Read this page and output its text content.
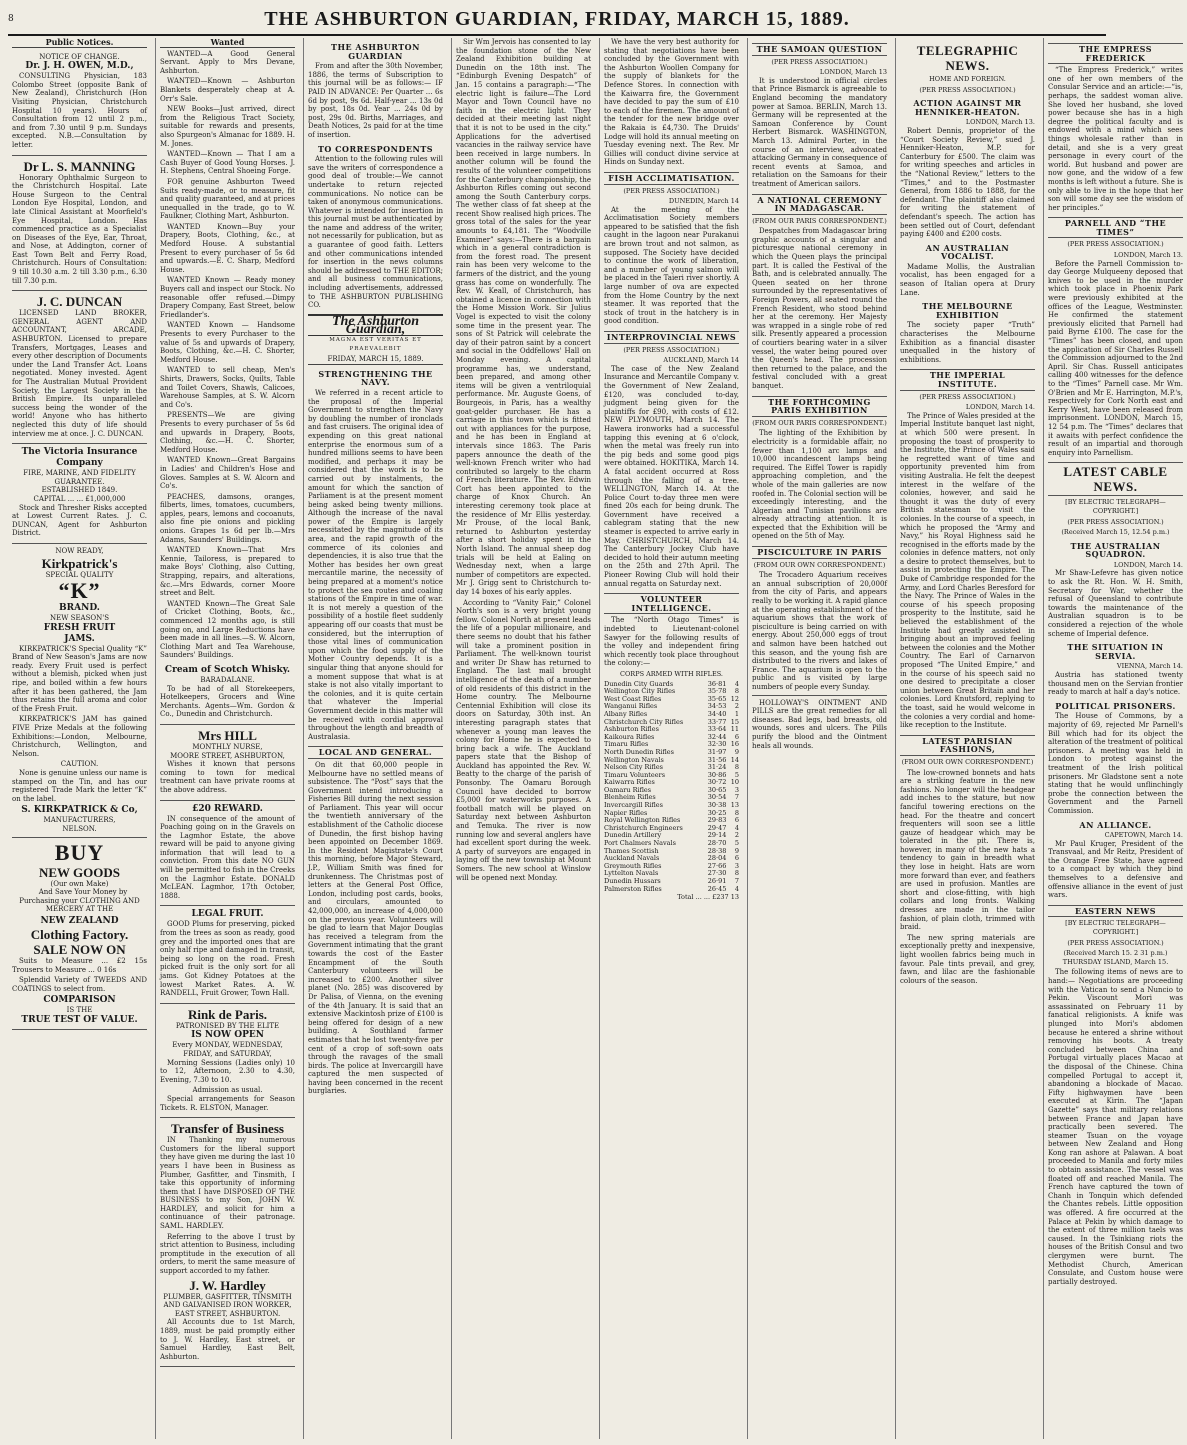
8	THE ASHBURTON GUARDIAN, FRIDAY, MARCH 15, 1889.
Public Notices.
NOTICE OF CHANGE.
Dr. J. H. OWEN, M.D.,

CONSULTING Physician, 183 Colombo Street (opposite Bank of New Zealand), Christchurch (Hon Visiting Physician, Christchurch Hospital 10 years). Hours of Consultation from 12 until 2 p.m., and from 7.30 until 9 p.m. Sundays excepted. N.B.—Consultation by letter.

Dr L. S. MANNING

Honorary Ophthalmic Surgeon to the Christchurch Hospital. Late House Surgeon to the Central London Eye Hospital, London, and late Clinical Assistant at Moorfield's Eye Hospital, London. Has commenced practice as a Specialist on Diseases of the Eye, Ear, Throat, and Nose, at Addington, corner of East Town Belt and Ferry Road, Christchurch. Hours of Consultation: 9 till 10.30 a.m. 2 till 3.30 p.m., 6.30 till 7.30 p.m.

J. C. DUNCAN

LICENSED LAND BROKER, GENERAL AGENT AND ACCOUNTANT, ARCADE, ASHBURTON. Licensed to prepare Transfers, Mortgages, Leases and every other description of Documents under the Land Transfer Act. Loans negotiated. Money invested. Agent for The Australian Mutual Provident Society, the Largest Society in the British Empire. Its unparalleled success being the wonder of the world! Anyone who has hitherto neglected this duty of life should interview me at once. J. C. DUNCAN.

The Victoria Insurance Company
FIRE, MARINE, AND FIDELITY GUARANTEE.
ESTABLISHED 1849.
CAPITAL ... ... £1,000,000

Stock and Thresher Risks accepted at Lowest Current Rates. J. C. DUNCAN, Agent for Ashburton District.

NOW READY,
Kirkpatrick's
SPECIAL QUALITY
“K”
BRAND.
NEW SEASON'S
FRESH FRUIT
JAMS.

KIRKPATRICK'S Special Quality “K” Brand of New Season's Jams are now ready. Every Fruit used is perfect without a blemish, picked when just ripe, and boiled within a few hours after it has been gathered, the Jam thus retains the full aroma and color of the Fresh Fruit.

KIRKPATRICK'S JAM has gained FIVE Prize Medals at the following Exhibitions:—London, Melbourne, Christchurch, Wellington, and Nelson.

CAUTION.

None is genuine unless our name is stamped on the Tin, and has our registered Trade Mark the letter “K” on the label.

S. KIRKPATRICK & Co,
MANUFACTURERS,
NELSON.
BUY
NEW GOODS
(Our own Make)

And Save Your Money by Purchasing your CLOTHING AND MERCERY AT THE

NEW ZEALAND
Clothing Factory.
SALE NOW ON

Suits to Measure ... £2 15s Trousers to Measure ... 0 16s

Splendid Variety of TWEEDS AND COATINGS to select from.

COMPARISON
IS THE
TRUE TEST OF VALUE.
Wanted

WANTED—A Good General Servant. Apply to Mrs Devane, Ashburton.

WANTED—Known — Ashburton Blankets desperately cheap at A. Orr's Sale.

NEW Books—Just arrived, direct from the Religious Tract Society, suitable for rewards and presents, also Spurgeon's Almanac for 1889. H. M. Jones.

WANTED—Known — That I am a Cash Buyer of Good Young Horses. J. H. Stephens, Central Shoeing Forge.

FOR genuine Ashburton Tweed Suits ready-made, or to measure, fit and quality guaranteed, and at prices unequalled in the trade, go to W. Faulkner, Clothing Mart, Ashburton.

WANTED Known—Buy your Drapery, Boots, Clothing, &c., at Medford House. A substantial Present to every purchaser of 5s 6d and upwards.—E. C. Sharp, Medford House.

WANTED Known — Ready money Buyers call and inspect our Stock. No reasonable offer refused.—Dimpy Drapery Company, East Street, below Friedlander's.

WANTED Known — Handsome Presents to every Purchaser to the value of 5s and upwards of Drapery, Boots, Clothing, &c.—H. C. Shorter, Medford House.

WANTED to sell cheap, Men's Shirts, Drawers, Socks, Quilts, Table and Toilet Covers, Shawls, Calicoes, Warehouse Samples, at S. W. Alcorn and Co's.

PRESENTS—We are giving Presents to every purchaser of 5s 6d and upwards in Drapery, Boots, Clothing, &c.—H. C. Shorter, Medford House.

WANTED Known—Great Bargains in Ladies' and Children's Hose and Gloves. Samples at S. W. Alcorn and Co's.

PEACHES, damsons, oranges, filberts, limes, tomatoes, cucumbers, apples, pears, lemons and cocoanuts, also fine pie onions and pickling onions. Grapes 1s 6d per lb.—Mrs Adams, Saunders' Buildings.

WANTED Known—That Mrs Kennie, Tailoress, is prepared to make Boys' Clothing, also Cutting, Strapping, repairs, and alterations, &c.—Mrs Edwards, corner Moore street and Belt.

WANTED Known—The Great Sale of Cricket Clothing, Boots, &c., commenced 12 months ago, is still going on, and Large Reductions have been made in all lines.—S. W. Alcorn, Clothing Mart and Tea Warehouse, Saunders' Buildings.

Cream of Scotch Whisky.
BARADALANE.

To be had of all Storekeepers, Hotelkeepers, Grocers and Wine Merchants. Agents—Wm. Gordon & Co., Dunedin and Christchurch.

Mrs HILL
MONTHLY NURSE,
MOORE STREET, ASHBURTON,

Wishes it known that persons coming to town for medical treatment can have private rooms at the above address.

£20 REWARD.

IN consequence of the amount of Poaching going on in the Gravels on the Lagmhor Estate, the above reward will be paid to anyone giving information that will lead to a conviction. From this date NO GUN will be permitted to fish in the Creeks on the Lagmhor Estate. DONALD McLEAN. Lagmhor, 17th October, 1888.

LEGAL FRUIT.

GOOD Plums for preserving, picked from the trees as soon as ready, good grey and the imported ones that are only half ripe and damaged in transit, being so long on the road. Fresh picked fruit is the only sort for all jams. Got Kidney Potatoes at the lowest Market Rates. A. W. RANDELL, Fruit Grower, Town Hall.

Rink de Paris.
PATRONISED BY THE ELITE
IS NOW OPEN
Every MONDAY, WEDNESDAY, FRIDAY, and SATURDAY,

Morning Sessions (Ladies only) 10 to 12, Afternoon, 2.30 to 4.30, Evening, 7.30 to 10.

Admission as usual.

Special arrangements for Season Tickets. R. ELSTON, Manager.

Transfer of Business

IN Thanking my numerous Customers for the liberal support they have given me during the last 10 years I have been in Business as Plumber, Gasfitter, and Tinsmith, I take this opportunity of informing them that I have DISPOSED OF THE BUSINESS to my Son, JOHN W. HARDLEY, and solicit for him a continuance of their patronage. SAML. HARDLEY.

Referring to the above I trust by strict attention to Business, including promptitude in the execution of all orders, to merit the same measure of support accorded to my father.

J. W. Hardley
PLUMBER, GASFITTER, TINSMITH AND GALVANISED IRON WORKER,
EAST STREET, ASHBURTON.

All Accounts due to 1st March, 1889, must be paid promptly either to J. W. Hardley, East street, or Samuel Hardley, East Belt, Ashburton.

THE ASHBURTON GUARDIAN

From and after the 30th November, 1886, the terms of Subscription to this journal will be as follows:— IF PAID IN ADVANCE: Per Quarter ... 6s 6d by post, 9s 6d. Half-year ... 13s 0d by post, 18s 0d. Year ... 24s 0d by post, 29s 0d. Births, Marriages, and Death Notices, 2s paid for at the time of insertion.

TO CORRESPONDENTS

Attention to the following rules will save the writers of correspondence a good deal of trouble:—We cannot undertake to return rejected communications. No notice can be taken of anonymous communications. Whatever is intended for insertion in this journal must be authenticated by the name and address of the writer, not necessarily for publication, but as a guarantee of good faith. Letters and other communications intended for insertion in the news columns should be addressed to THE EDITOR; and all business communications, including advertisements, addressed to THE ASHBURTON PUBLISHING CO.

The Ashburton Guardian,
MAGNA EST VERITAS ET PRAEVALEBIT
FRIDAY, MARCH 15, 1889.
STRENGTHENING THE NAVY.

We referred in a recent article to the proposal of the Imperial Government to strengthen the Navy by doubling the number of ironclads and fast cruisers. The original idea of expending on this great national enterprise the enormous sum of a hundred millions seems to have been modified, and perhaps it may be considered that the work is to be carried out by instalments, the amount for which the sanction of Parliament is at the present moment being asked being twenty millions. Although the increase of the naval power of the Empire is largely necessitated by the magnitude of its area, and the rapid growth of the commerce of its colonies and dependencies, it is also true that the Mother has besides her own great mercantile marine, the necessity of being prepared at a moment's notice to protect the sea routes and coaling stations of the Empire in time of war. It is not merely a question of the possibility of a hostile fleet suddenly appearing off our coasts that must be considered, but the interruption of those vital lines of communication upon which the food supply of the Mother Country depends. It is a singular thing that anyone should for a moment suppose that what is at stake is not also vitally important to the colonies, and it is quite certain that whatever the Imperial Government decide in this matter will be received with cordial approval throughout the length and breadth of Australasia.

LOCAL AND GENERAL.

On dit that 60,000 people in Melbourne have no settled means of subsistence. The “Post” says that the Government intend introducing a Fisheries Bill during the next session of Parliament. This year will occur the twentieth anniversary of the establishment of the Catholic diocese of Dunedin, the first bishop having been appointed on December 1869. In the Resident Magistrate's Court this morning, before Major Steward, J.P., William Smith was fined for drunkenness. The Christmas post of letters at the General Post Office, London, including post cards, books, and circulars, amounted to 42,000,000, an increase of 4,000,000 on the previous year. Volunteers will be glad to learn that Major Douglas has received a telegram from the Government intimating that the grant towards the cost of the Easter Encampment of the South Canterbury volunteers will be increased to £200. Another silver planet (No. 285) was discovered by Dr Palisa, of Vienna, on the evening of the 4th January. It is said that an extensive Mackintosh prize of £100 is being offered for design of a new building. A Southland farmer estimates that he lost twenty-five per cent of a crop of soft-sown oats through the ravages of the small birds. The police at Invercargill have captured the men suspected of having been concerned in the recent burglaries.

Sir Wm Jervois has consented to lay the foundation stone of the New Zealand Exhibition building at Dunedin on the 18th inst. The “Edinburgh Evening Despatch” of Jan. 15 contains a paragraph:—“The electric light is failure—The Lord Mayor and Town Council have no faith in the electric light. They decided at their meeting last night that it is not to be used in the city.” Applications for the advertised vacancies in the railway service have been received in large numbers. In another column will be found the results of the volunteer competitions for the Canterbury championship, the Ashburton Rifles coming out second among the South Canterbury corps. The wether class of fat sheep at the recent Show realised high prices. The gross total of the sales for the year amounts to £4,181. The “Woodville Examiner” says:—There is a bargain which in a general contradiction is from the forest road. The present rain has been very welcome to the farmers of the district, and the young grass has come on wonderfully. The Rev. W. Keall, of Christchurch, has obtained a licence in connection with the Home Mission Work. Sir Julius Vogel is expected to visit the colony some time in the present year. The sons of St Patrick will celebrate the day of their patron saint by a concert and social in the Oddfellows' Hall on Monday evening. A capital programme has, we understand, been prepared, and among other items will be given a ventriloquial performance. Mr. Auguste Goens, of Bourgeois, in Paris, has a wealthy goat-gelder purchaser. He has a carriage in this town which is fitted out with appliances for the purpose, and he has been in England at intervals since 1863. The Paris papers announce the death of the well-known French writer who had contributed so largely to the charm of French literature. The Rev. Edwin Cort has been appointed to the charge of Knox Church. An interesting ceremony took place at the residence of Mr Ellis yesterday. Mr Prouse, of the local Bank, returned to Ashburton yesterday after a short holiday spent in the North Island. The annual sheep dog trials will be held at Ealing on Wednesday next, when a large number of competitors are expected. Mr J. Grigg sent to Christchurch to-day 14 boxes of his early apples.

According to “Vanity Fair,” Colonel North's son is a very bright young fellow. Colonel North at present leads the life of a popular millionaire, and there seems no doubt that his father will take a prominent position in Parliament. The well-known tourist and writer Dr Shaw has returned to England. The last mail brought intelligence of the death of a number of old residents of this district in the Home country. The Melbourne Centennial Exhibition will close its doors on Saturday, 30th inst. An interesting paragraph states that whenever a young man leaves the colony for Home he is expected to bring back a wife. The Auckland papers state that the Bishop of Auckland has appointed the Rev. W. Beatty to the charge of the parish of Ponsonby. The Oamaru Borough Council have decided to borrow £5,000 for waterworks purposes. A football match will be played on Saturday next between Ashburton and Temuka. The river is now running low and several anglers have had excellent sport during the week. A party of surveyors are engaged in laying off the new township at Mount Somers. The new school at Winslow will be opened next Monday.

We have the very best authority for stating that negotiations have been concluded by the Government with the Ashburton Woollen Company for the supply of blankets for the Defence Stores. In connection with the Kaiwarra fire, the Government have decided to pay the sum of £10 to each of the firemen. The amount of the tender for the new bridge over the Rakaia is £4,730. The Druids' Lodge will hold its annual meeting on Tuesday evening next. The Rev. Mr Gillies will conduct divine service at Hinds on Sunday next.

FISH ACCLIMATISATION.
(PER PRESS ASSOCIATION.)
DUNEDIN, March 14

At the meeting of the Acclimatisation Society members appeared to be satisfied that the fish caught in the lagoon near Purakanui are brown trout and not salmon, as supposed. The Society have decided to continue the work of liberation, and a number of young salmon will be placed in the Taieri river shortly. A large number of ova are expected from the Home Country by the next steamer. It was reported that the stock of trout in the hatchery is in good condition.

INTERPROVINCIAL NEWS
(PER PRESS ASSOCIATION.)
AUCKLAND, March 14

The case of the New Zealand Insurance and Mercantile Company v. the Government of New Zealand, £120, was concluded to-day, judgment being given for the plaintiffs for £90, with costs of £12. NEW PLYMOUTH, March 14. The Hawera ironworks had a successful tapping this evening at 6 o'clock, when the metal was freely run into the pig beds and some good pigs were obtained. HOKITIKA, March 14. A fatal accident occurred at Ross through the falling of a tree. WELLINGTON, March 14. At the Police Court to-day three men were fined 20s each for being drunk. The Government have received a cablegram stating that the new steamer is expected to arrive early in May. CHRISTCHURCH, March 14. The Canterbury Jockey Club have decided to hold their autumn meeting on the 25th and 27th April. The Pioneer Rowing Club will hold their annual regatta on Saturday next.

VOLUNTEER INTELLIGENCE.

The “North Otago Times” is indebted to Lieutenant-colonel Sawyer for the following results of the volley and independent firing which recently took place throughout the colony:—

CORPS ARMED WITH RIFLES.
Dunedin City Guards	36·81	4
Wellington City Rifles	35·78	8
West Coast Rifles	35·65	12
Wanganui Rifles	34·53	2
Albany Rifles	34·40	1
Christchurch City Rifles	33·77	15
Ashburton Rifles	33·64	11
Kaikoura Rifles	32·44	6
Timaru Rifles	32·30	16
North Dunedin Rifles	31·97	9
Wellington Navals	31·56	14
Nelson City Rifles	31·24	8
Timaru Volunteers	30·86	5
Kaiwarra Rifles	30·72	10
Oamaru Rifles	30·65	3
Blenheim Rifles	30·54	7
Invercargill Rifles	30·38	13
Napier Rifles	30·25	8
Royal Wellington Rifles	29·83	6
Christchurch Engineers	29·47	4
Dunedin Artillery	29·14	2
Port Chalmers Navals	28·70	5
Thames Scottish	28·38	9
Auckland Navals	28·04	6
Greymouth Rifles	27·66	3
Lyttelton Navals	27·30	8
Dunedin Hussars	26·91	7
Palmerston Rifles	26·45	4
Total ... ... £237 13
THE SAMOAN QUESTION
(PER PRESS ASSOCIATION.)
LONDON, March 13

It is understood in official circles that Prince Bismarck is agreeable to England becoming the mandatory power at Samoa. BERLIN, March 13. Germany will be represented at the Samoan Conference by Count Herbert Bismarck. WASHINGTON, March 13. Admiral Porter, in the course of an interview, advocated attacking Germany in consequence of recent events at Samoa, and retaliation on the Samoans for their treatment of American sailors.

A NATIONAL CEREMONY IN MADAGASCAR.
(FROM OUR PARIS CORRESPONDENT.)

Despatches from Madagascar bring graphic accounts of a singular and picturesque national ceremony in which the Queen plays the principal part. It is called the Festival of the Bath, and is celebrated annually. The Queen seated on her throne surrounded by the representatives of Foreign Powers, all seated round the French Resident, who stood behind her at the ceremony. Her Majesty was wrapped in a single robe of red silk. Presently appeared a procession of courtiers bearing water in a silver vessel, the water being poured over the Queen's head. The procession then returned to the palace, and the festival concluded with a great banquet.

THE FORTHCOMING PARIS EXHIBITION
(FROM OUR PARIS CORRESPONDENT.)

The lighting of the Exhibition by electricity is a formidable affair, no fewer than 1,100 arc lamps and 10,000 incandescent lamps being required. The Eiffel Tower is rapidly approaching completion, and the whole of the main galleries are now roofed in. The Colonial section will be exceedingly interesting, and the Algerian and Tunisian pavilions are already attracting attention. It is expected that the Exhibition will be opened on the 5th of May.

PISCICULTURE IN PARIS
(FROM OUR OWN CORRESPONDENT.)

The Trocadero Aquarium receives an annual subscription of 20,000f from the city of Paris, and appears really to be working it. A rapid glance at the operating establishment of the aquarium shows that the work of pisciculture is being carried on with energy. About 250,000 eggs of trout and salmon have been hatched out this season, and the young fish are distributed to the rivers and lakes of France. The aquarium is open to the public and is visited by large numbers of people every Sunday.

HOLLOWAY'S OINTMENT AND PILLS are the great remedies for all diseases. Bad legs, bad breasts, old wounds, sores and ulcers. The Pills purify the blood and the Ointment heals all wounds.

TELEGRAPHIC NEWS.
HOME AND FOREIGN.
(PER PRESS ASSOCIATION.)
ACTION AGAINST MR HENNIKER-HEATON.
LONDON, March 13.

Robert Dennis, proprietor of the “Court Society Review,” sued J. Henniker-Heaton, M.P. for Canterbury for £500. The claim was for writing speeches and articles in the “National Review,” letters to the “Times,” and to the Postmaster General, from 1886 to 1888, for the defendant. The plaintiff also claimed for writing the statement of defendant's speech. The action has been settled out of Court, defendant paying £400 and £200 costs.

AN AUSTRALIAN VOCALIST.

Madame Mollis, the Australian vocalist, has been engaged for a season of Italian opera at Drury Lane.

THE MELBOURNE EXHIBITION

The society paper “Truth” characterises the Melbourne Exhibition as a financial disaster unequalled in the history of exhibitions.

THE IMPERIAL INSTITUTE.
(PER PRESS ASSOCIATION.)
LONDON, March 14.

The Prince of Wales presided at the Imperial Institute banquet last night, at which 500 were present. In proposing the toast of prosperity to the Institute, the Prince of Wales said he regretted want of time and opportunity prevented him from visiting Australia. He felt the deepest interest in the welfare of the colonies, however, and said he thought it was the duty of every British statesman to visit the colonies. In the course of a speech, in which he proposed the “Army and Navy,” his Royal Highness said he recognised in the efforts made by the colonies in defence matters, not only a desire to protect themselves, but to assist in protecting the Empire. The Duke of Cambridge responded for the Army, and Lord Charles Beresford for the Navy. The Prince of Wales in the course of his speech proposing prosperity to the Institute, said he believed the establishment of the Institute had greatly assisted in bringing about an improved feeling between the colonies and the Mother Country. The Earl of Carnarvon proposed “The United Empire,” and in the course of his speech said no one desired to precipitate a closer union between Great Britain and her colonies. Lord Knutsford, replying to the toast, said he would welcome in the colonies a very cordial and home-like reception to the Institute.

LATEST PARISIAN FASHIONS,
(FROM OUR OWN CORRESPONDENT.)

The low-crowned bonnets and hats are a striking feature in the new fashions. No longer will the headgear add inches to the stature, but now fanciful towering erections on the head. For the theatre and concert frequenters will soon see a little gauze of headgear which may be tolerated in the pit. There is, however, in many of the new hats a tendency to gain in breadth what they lose in height. Hats are worn more forward than ever, and feathers are used in profusion. Mantles are short and close-fitting, with high collars and long fronts. Walking dresses are made in the tailor fashion, of plain cloth, trimmed with braid.

The new spring materials are exceptionally pretty and inexpensive, light woollen fabrics being much in favour. Pale tints prevail, and grey, fawn, and lilac are the fashionable colours of the season.

THE EMPRESS FREDERICK

“The Empress Frederick,” writes one of her own members of the Consular Service and an article:—“is, perhaps, the saddest woman alive. She loved her husband, she loved power because she has in a high degree the political faculty and is endowed with a mind which sees things wholesale rather than in detail, and she is a very great personage in every court of the world. But husband and power are now gone, and the widow of a few months is left without a future. She is only able to live in the hope that her son will some day see the wisdom of her principles.”

PARNELL AND “THE TIMES”
(PER PRESS ASSOCIATION.)
LONDON, March 13.

Before the Parnell Commission to-day George Mulqueeny deposed that knives to be used in the murder which took place in Phoenix Park were previously exhibited at the offices of the League, Westminster. He confirmed the statement previously elicited that Parnell had paid Byrne £100. The case for the “Times” has been closed, and upon the application of Sir Charles Russell the Commission adjourned to the 2nd April. Sir Chas. Russell anticipates calling 400 witnesses for the defence to the “Times” Parnell case. Mr Wm. O'Brien and Mr E. Harrington, M.P.'s, respectively for Cork North east and Kerry West, have been released from imprisonment. LONDON, March 15, 12 54 p.m. The “Times” declares that it awaits with perfect confidence the result of an impartial and thorough enquiry into Parnellism.

LATEST CABLE NEWS.
[BY ELECTRIC TELEGRAPH—COPYRIGHT.]
(PER PRESS ASSOCIATION.)
(Received March 15, 12.54 p.m.)
THE AUSTRALIAN SQUADRON.
LONDON, March 14.

Mr Shaw-Lefevre has given notice to ask the Rt. Hon. W. H. Smith, Secretary for War, whether the refusal of Queensland to contribute towards the maintenance of the Australian squadron is to be considered a rejection of the whole scheme of Imperial defence.

THE SITUATION IN SERVIA.
VIENNA, March 14.

Austria has stationed twenty thousand men on the Servian frontier ready to march at half a day's notice.

POLITICAL PRISONERS.

The House of Commons, by a majority of 69, rejected Mr Parnell's Bill which had for its object the alteration of the treatment of political prisoners. A meeting was held in London to protest against the treatment of the Irish political prisoners. Mr Gladstone sent a note stating that he would unflinchingly probe the connection between the Government and the Parnell Commission.

AN ALLIANCE.
CAPETOWN, March 14.

Mr Paul Kruger, President of the Transvaal, and Mr Reitz, President of the Orange Free State, have agreed to a compact by which they bind themselves to a defensive and offensive alliance in the event of just wars.

EASTERN NEWS
[BY ELECTRIC TELEGRAPH—COPYRIGHT.]
(PER PRESS ASSOCIATION.)
(Received March 15. 2 31 p.m.) THURSDAY ISLAND, March 15.

The following items of news are to hand:— Negotiations are proceeding with the Vatican to send a Nuncio to Pekin. Viscount Mori was assassinated on February 11 by fanatical religionists. A knife was plunged into Mori's abdomen because he entered a shrine without removing his boots. A treaty concluded between China and Portugal virtually places Macao at the disposal of the Chinese. China compelled Portugal to accept it, abandoning a blockade of Macao. Fifty highwaymen have been executed at Kirin. The “Japan Gazette” says that military relations between France and Japan have practically been severed. The steamer Tsuan on the voyage between New Zealand and Hong Kong ran ashore at Palawan. A boat proceeded to Manila and forty miles to obtain assistance. The vessel was floated off and reached Manila. The French have captured the town of Chanh in Tonquin which defended the Chantes rebels. Little opposition was offered. A fire occurred at the Palace at Pekin by which damage to the extent of three million taels was caused. In the Tsinkiang riots the houses of the British Consul and two clergymen were burnt. The Methodist Church, American Consulate, and Custom house were partially destroyed.
